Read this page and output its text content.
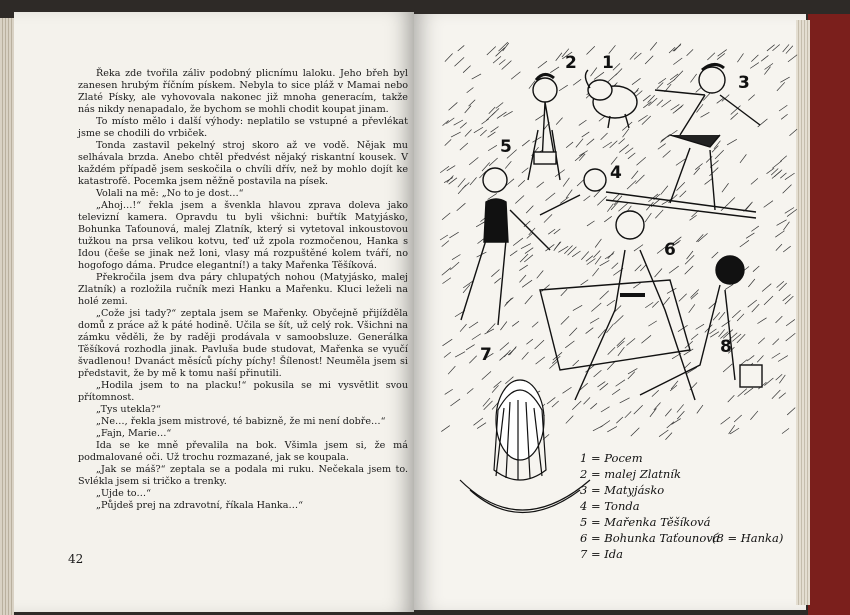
Řeka zde tvořila záliv podobný plicnímu laloku. Jeho břeh byl zanesen hrubým říčním pískem. Nebyla to sice pláž v Mamai nebo Zlaté Písky, ale vyhovovala nakonec již mnoha generacím, takže nás nikdy nenapadalo, že bychom se mohli chodit koupat jinam.

To místo mělo i další výhody: neplatilo se vstupné a převlékat jsme se chodili do vrbiček.

Tonda zastavil pekelný stroj skoro až ve vodě. Nějak mu selhávala brzda. Anebo chtěl předvést nějaký riskantní kousek. V každém případě jsem seskočila o chvíli dřív, než by mohlo dojít ke katastrofě. Pocemka jsem něžně postavila na písek.

Volali na mě: „No to je dost…“

„Ahoj…!“ řekla jsem a švenkla hlavou zprava doleva jako televizní kamera. Opravdu tu byli všichni: buřtík Matyjásko, Bohunka Taťounová, malej Zlatník, který si vytetoval inkoustovou tužkou na prsa velikou kotvu, teď už zpola rozmočenou, Hanka s Idou (češe se jinak než loni, vlasy má rozpuštěné kolem tváří, no hogofogo dáma. Prudce elegantní!) a taky Mařenka Těšíková.

Překročila jsem dva páry chlupatých nohou (Matyjásko, malej Zlatník) a rozložila ručník mezi Hanku a Mařenku. Kluci leželi na holé zemi.

„Cože jsi tady?“ zeptala jsem se Mařenky. Obyčejně přijížděla domů z práce až k páté hodině. Učila se šít, už celý rok. Všichni na zámku věděli, že by raději prodávala v samoobsluze. Generálka Těšíková rozhodla jinak. Pavluša bude studovat, Mařenka se vyučí švadlenou! Dvanáct měsíců píchy píchy! Šílenost! Neuměla jsem si představit, že by mě k tomu naší přinutili.

„Hodila jsem to na placku!“ pokusila se mi vysvětlit svou přítomnost.

„Tys utekla?“

„Ne…, řekla jsem mistrové, té babizně, že mi není dobře…“

„Fajn, Marie…“

Ida se ke mně převalila na bok. Všimla jsem si, že má podmalované oči. Už trochu rozmazané, jak se koupala.

„Jak se máš?“ zeptala se a podala mi ruku. Nečekala jsem to. Svlékla jsem si tričko a trenky.

„Ujde to…“

„Půjdeš prej na zdravotní, říkala Hanka…“

42
1
2
3
4
5
6
7	8
1 = Pocem
2 = malej Zlatník
3 = Matyjásko
4 = Tonda
5 = Mařenka Těšíková
6 = Bohunka Taťounová
7 = Ida
(8 = Hanka)
